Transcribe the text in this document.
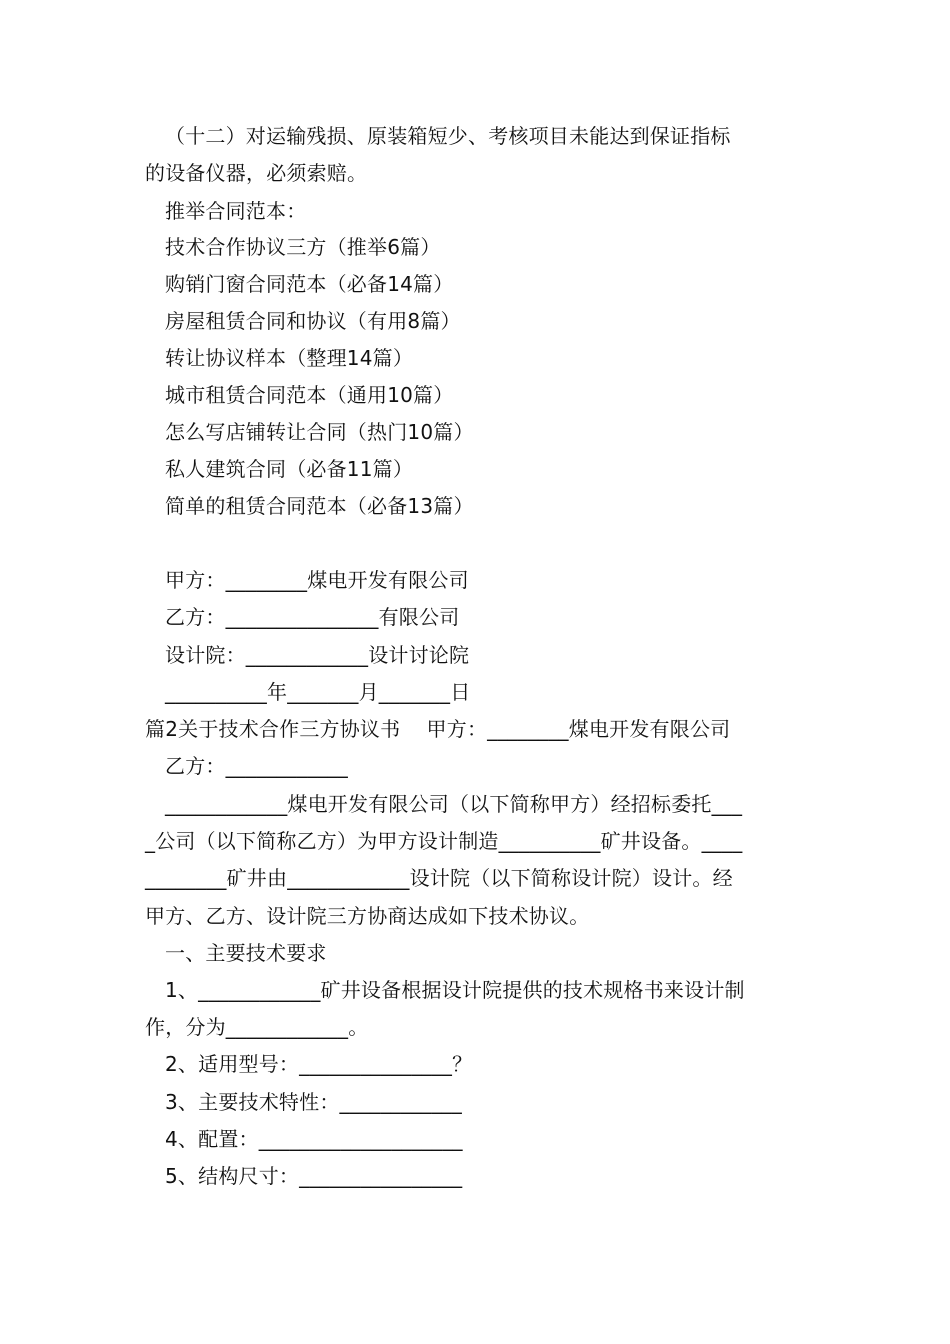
（十二）对运输残损、原装箱短少、考核项目未能达到保证指标
的设备仪器，必须索赔。
推举合同范本：
技术合作协议三方（推举6篇）
购销门窗合同范本（必备14篇）
房屋租赁合同和协议（有用8篇）
转让协议样本（整理14篇）
城市租赁合同范本（通用10篇）
怎么写店铺转让合同（热门10篇）
私人建筑合同（必备11篇）
简单的租赁合同范本（必备13篇）
甲方：________煤电开发有限公司
乙方：_______________有限公司
设计院：____________设计讨论院
__________年_______月_______日
篇2关于技术合作三方协议书    甲方：________煤电开发有限公司
乙方：____________
____________煤电开发有限公司（以下简称甲方）经招标委托___
_公司（以下简称乙方）为甲方设计制造__________矿井设备。____
________矿井由____________设计院（以下简称设计院）设计。经
甲方、乙方、设计院三方协商达成如下技术协议。
一、主要技术要求
1、____________矿井设备根据设计院提供的技术规格书来设计制
作，分为____________。
2、适用型号：_______________？
3、主要技术特性：____________
4、配置：____________________
5、结构尺寸：________________
